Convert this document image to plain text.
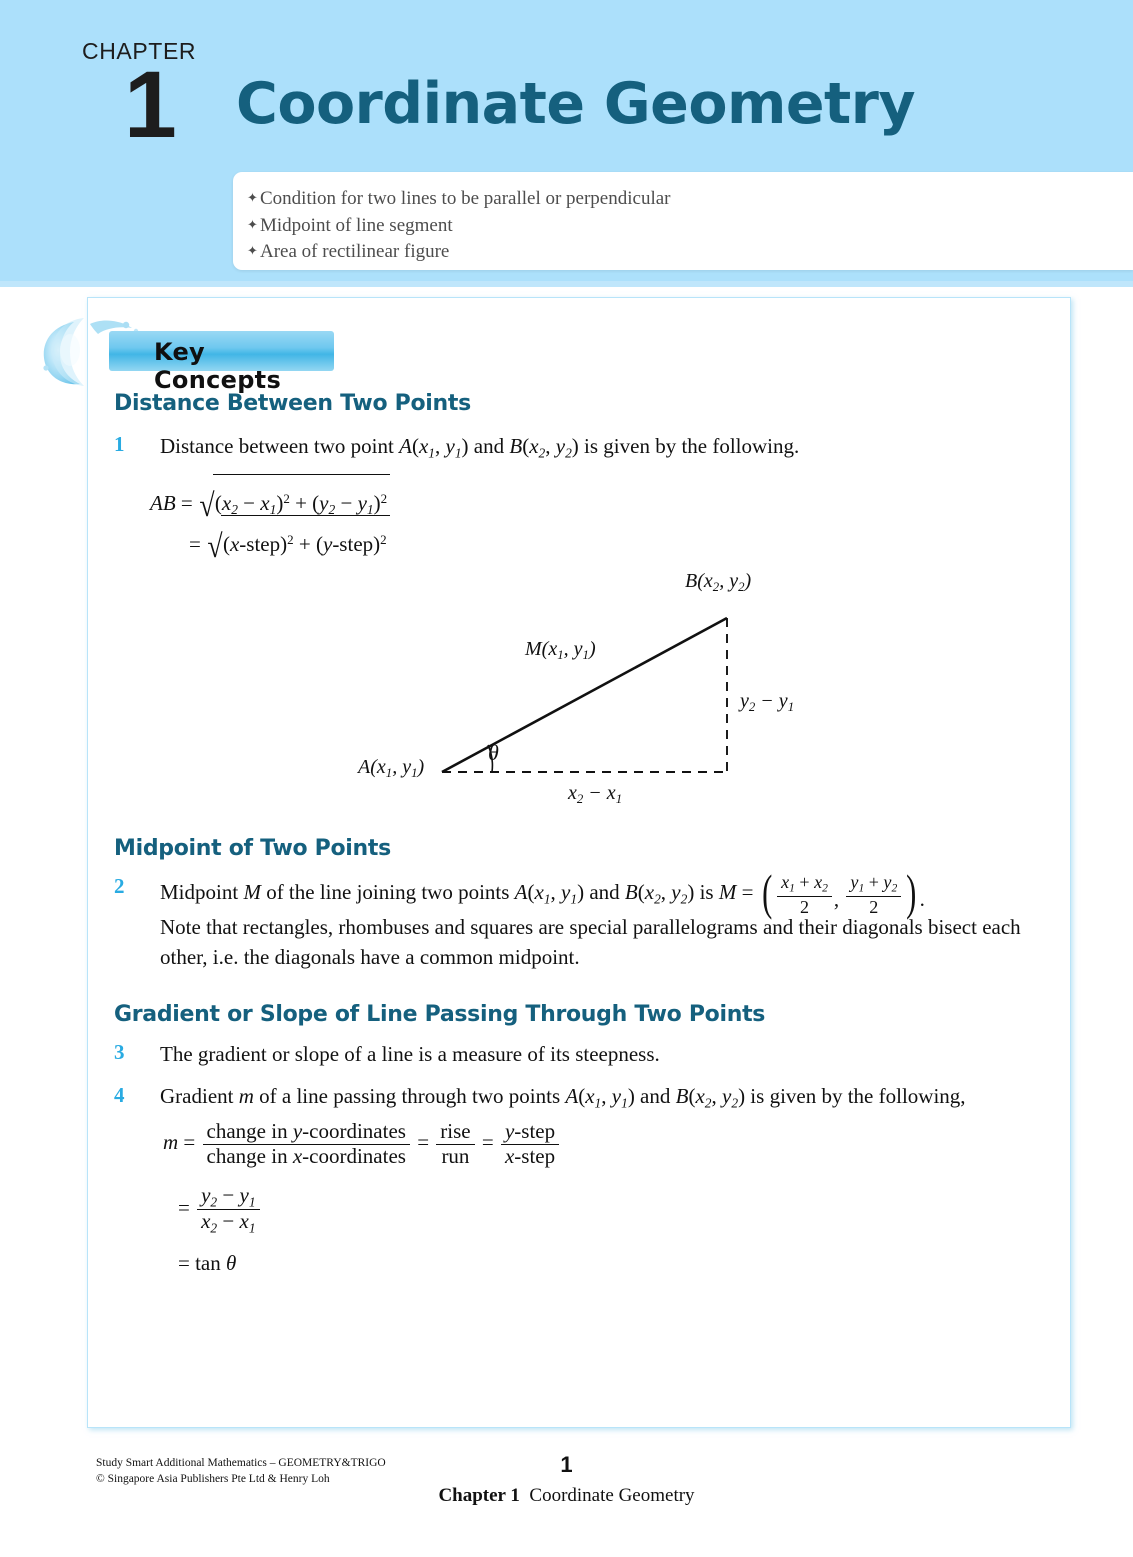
CHAPTER
1 Coordinate Geometry
✦ Condition for two lines to be parallel or perpendicular
✦ Midpoint of line segment
✦ Area of rectilinear figure
Key Concepts
Distance Between Two Points
1 Distance between two point $A(x_1$, $y_1$) and $B(x_2$, $y_2$) is given by the following.
AB = $√(x_2 - x_1)^2 + (y_2 - y_1)^2$
= √(x-step)$^2$ + (y-step)$^2$
$B(x_2$, $y_2$)
$M(x_1$, $y_1$)
$A(x_1$, $y_1$)
θ
$y_2 - y_1$
$x_2 - x_1$
Midpoint of Two Points
2 Midpoint M of the line joining two points $A(x_1$, $y_1$) and $B(x_2$, $y_2$) is M = ( $\frac{x_1 + x_2}{2}$ , $\frac{y_1 + y_2}{2}$ ) .
Note that rectangles, rhombuses and squares are special parallelograms and their diagonals bisect each other, i.e. the diagonals have a common midpoint.
Gradient or Slope of Line Passing Through Two Points
3 The gradient or slope of a line is a measure of its steepness.
4 Gradient m of a line passing through two points $A(x_1$, $y_1$) and $B(x_2$, $y_2$) is given by the following,
$m = \frac{\text{change in y-coordinates}}{\text{change in x-coordinates}} = \frac{\text{rise}}{\text{run}} = \frac{\text{y-step}}{\text{x-step}}$
= $\frac{y_2 - y_1}{x_2 - x_1}$
= tan θ
Study Smart Additional Mathematics – GEOMETRY&TRIGO
© Singapore Asia Publishers Pte Ltd & Henry Loh
1
Chapter 1 Coordinate Geometry
